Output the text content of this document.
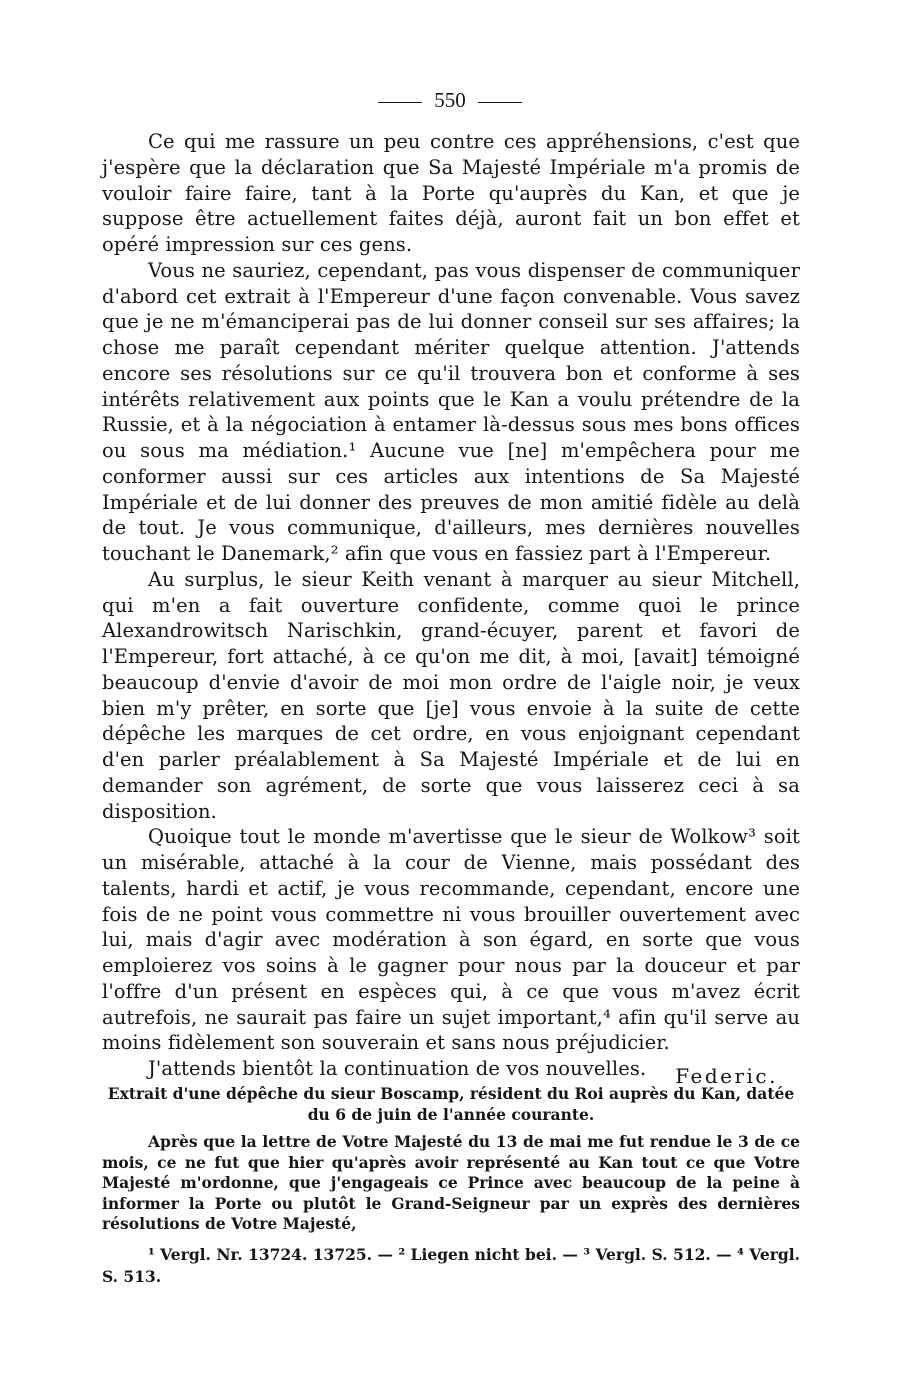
550

Ce qui me rassure un peu contre ces appréhensions, c'est que j'espère que la déclaration que Sa Majesté Impériale m'a promis de vouloir faire faire, tant à la Porte qu'auprès du Kan, et que je suppose être actuellement faites déjà, auront fait un bon effet et opéré impression sur ces gens.

Vous ne sauriez, cependant, pas vous dispenser de communiquer d'abord cet extrait à l'Empereur d'une façon convenable. Vous savez que je ne m'émanciperai pas de lui donner conseil sur ses affaires; la chose me paraît cependant mériter quelque attention. J'attends encore ses résolutions sur ce qu'il trouvera bon et conforme à ses intérêts relativement aux points que le Kan a voulu prétendre de la Russie, et à la négociation à entamer là-dessus sous mes bons offices ou sous ma médiation.¹ Aucune vue [ne] m'empêchera pour me conformer aussi sur ces articles aux intentions de Sa Majesté Impériale et de lui donner des preuves de mon amitié fidèle au delà de tout. Je vous communique, d'ailleurs, mes dernières nouvelles touchant le Danemark,² afin que vous en fassiez part à l'Empereur.

Au surplus, le sieur Keith venant à marquer au sieur Mitchell, qui m'en a fait ouverture confidente, comme quoi le prince Alexandrowitsch Narischkin, grand-écuyer, parent et favori de l'Empereur, fort attaché, à ce qu'on me dit, à moi, [avait] témoigné beaucoup d'envie d'avoir de moi mon ordre de l'aigle noir, je veux bien m'y prêter, en sorte que [je] vous envoie à la suite de cette dépêche les marques de cet ordre, en vous enjoignant cependant d'en parler préalablement à Sa Majesté Impériale et de lui en demander son agrément, de sorte que vous laisserez ceci à sa disposition.

Quoique tout le monde m'avertisse que le sieur de Wolkow³ soit un misérable, attaché à la cour de Vienne, mais possédant des talents, hardi et actif, je vous recommande, cependant, encore une fois de ne point vous commettre ni vous brouiller ouvertement avec lui, mais d'agir avec modération à son égard, en sorte que vous emploierez vos soins à le gagner pour nous par la douceur et par l'offre d'un présent en espèces qui, à ce que vous m'avez écrit autrefois, ne saurait pas faire un sujet important,⁴ afin qu'il serve au moins fidèlement son souverain et sans nous préjudicier.

J'attends bientôt la continuation de vos nouvelles.	Federic.

Extrait d'une dépêche du sieur Boscamp, résident du Roi auprès du Kan, datée du 6 de juin de l'année courante.

Après que la lettre de Votre Majesté du 13 de mai me fut rendue le 3 de ce mois, ce ne fut que hier qu'après avoir représenté au Kan tout ce que Votre Majesté m'ordonne, que j'engageais ce Prince avec beaucoup de la peine à informer la Porte ou plutôt le Grand-Seigneur par un exprès des dernières résolutions de Votre Majesté,

¹ Vergl. Nr. 13724. 13725. — ² Liegen nicht bei. — ³ Vergl. S. 512. — ⁴ Vergl. S. 513.
